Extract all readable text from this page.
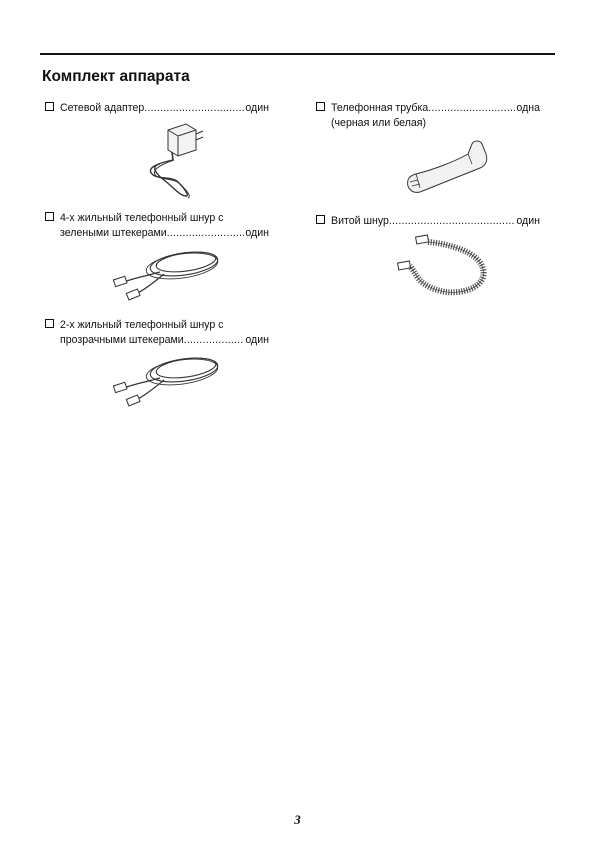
Комплект аппарата
Сетевой адаптер .....	один	Телефонная трубка .....	одна
(черная или белая)
4-х жильный телефонный шнур с
зелеными штекерами .....	один
Витой шнур .....	один
2-х жильный телефонный шнур с
прозрачными штекерами .....	один
3
